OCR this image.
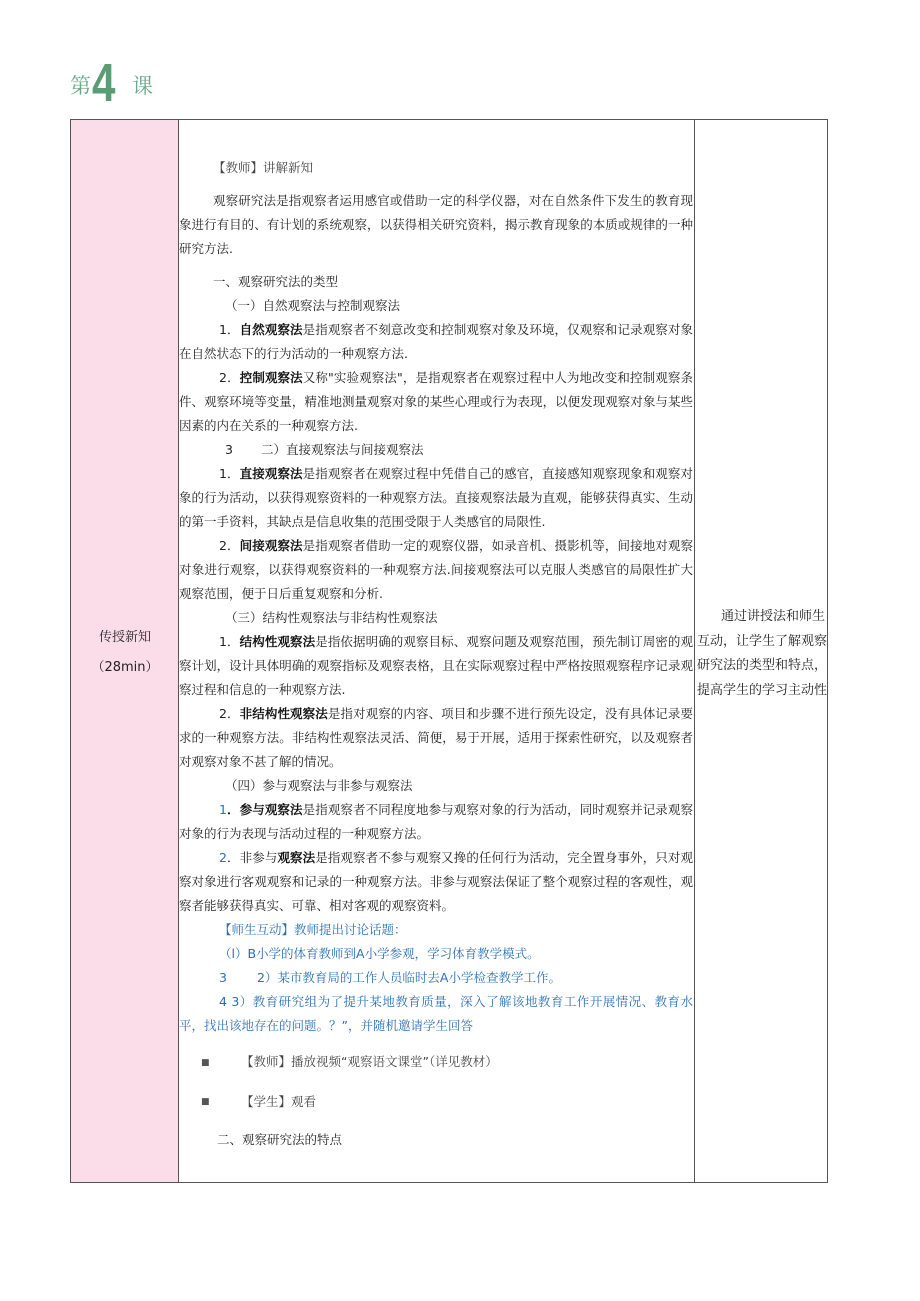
第 4 课
传授新知
（28min）
【教师】讲解新知
观察研究法是指观察者运用感官或借助一定的科学仪器，对在自然条件下发生的教育现象进行有目的、有计划的系统观察，以获得相关研究资料，揭示教育现象的本质或规律的一种研究方法.
一、观察研究法的类型
（一）自然观察法与控制观察法
1．自然观察法是指观察者不刻意改变和控制观察对象及环境，仅观察和记录观察对象在自然状态下的行为活动的一种观察方法.
2．控制观察法又称"实验观察法"，是指观察者在观察过程中人为地改变和控制观察条件、观察环境等变量，精准地测量观察对象的某些心理或行为表现，以便发现观察对象与某些因素的内在关系的一种观察方法.
3 二）直接观察法与间接观察法
1．直接观察法是指观察者在观察过程中凭借自己的感官，直接感知观察现象和观察对象的行为活动，以获得观察资料的一种观察方法。直接观察法最为直观，能够获得真实、生动的第一手资料，其缺点是信息收集的范围受限于人类感官的局限性.
2．间接观察法是指观察者借助一定的观察仪器，如录音机、摄影机等，间接地对观察对象进行观察，以获得观察资料的一种观察方法.间接观察法可以克服人类感官的局限性扩大观察范围，便于日后重复观察和分析.
（三）结构性观察法与非结构性观察法
1．结构性观察法是指依据明确的观察目标、观察问题及观察范围，预先制订周密的观察计划，设计具体明确的观察指标及观察表格，且在实际观察过程中严格按照观察程序记录观察过程和信息的一种观察方法.
2．非结构性观察法是指对观察的内容、项目和步骤不进行预先设定，没有具体记录要求的一种观察方法。非结构性观察法灵活、简便，易于开展，适用于探索性研究，以及观察者对观察对象不甚了解的情况。
（四）参与观察法与非参与观察法
1．参与观察法是指观察者不同程度地参与观察对象的行为活动，同时观察并记录观察对象的行为表现与活动过程的一种观察方法。
2．非参与观察法是指观察者不参与观察又搀的任何行为活动，完全置身事外，只对观察对象进行客观观察和记录的一种观察方法。非参与观察法保证了整个观察过程的客观性，观察者能够获得真实、可靠、相对客观的观察资料。
【师生互动】教师提出讨论话题：
（l）B小学的体育教师到A小学参观，学习体育教学模式。
3 2）某市教育局的工作人员临时去A小学检查教学工作。
4 3）教育研究组为了提升某地教育质量，深入了解该地教育工作开展情况、教育水平，找出该地存在的问题。？”，并随机邀请学生回答
■	【教师】播放视频“观察语文课堂”（详见教材）
■	【学生】观看
二、观察研究法的特点
通过讲授法和师生互动，让学生了解观察研究法的类型和特点，提高学生的学习主动性
